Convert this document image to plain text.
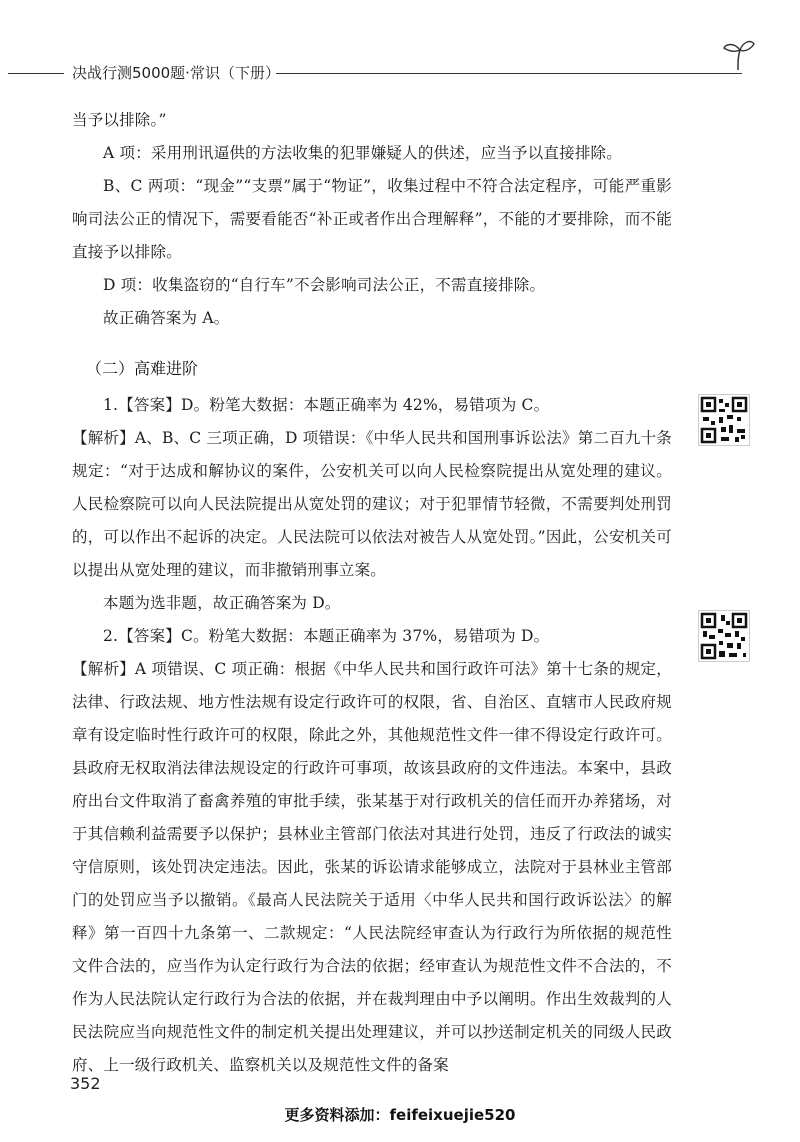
决战行测5000题·常识（下册）

当予以排除。”

A 项：采用刑讯逼供的方法收集的犯罪嫌疑人的供述，应当予以直接排除。

B、C 两项：“现金”“支票”属于“物证”，收集过程中不符合法定程序，可能严重影响司法公正的情况下，需要看能否“补正或者作出合理解释”，不能的才要排除，而不能直接予以排除。

D 项：收集盗窃的“自行车”不会影响司法公正，不需直接排除。

故正确答案为 A。

（二）高难进阶

1.【答案】D。粉笔大数据：本题正确率为 42%，易错项为 C。

【解析】A、B、C 三项正确，D 项错误：《中华人民共和国刑事诉讼法》第二百九十条规定：“对于达成和解协议的案件，公安机关可以向人民检察院提出从宽处理的建议。人民检察院可以向人民法院提出从宽处罚的建议；对于犯罪情节轻微，不需要判处刑罚的，可以作出不起诉的决定。人民法院可以依法对被告人从宽处罚。”因此，公安机关可以提出从宽处理的建议，而非撤销刑事立案。

本题为选非题，故正确答案为 D。

2.【答案】C。粉笔大数据：本题正确率为 37%，易错项为 D。

【解析】A 项错误、C 项正确：根据《中华人民共和国行政许可法》第十七条的规定，法律、行政法规、地方性法规有设定行政许可的权限，省、自治区、直辖市人民政府规章有设定临时性行政许可的权限，除此之外，其他规范性文件一律不得设定行政许可。县政府无权取消法律法规设定的行政许可事项，故该县政府的文件违法。本案中，县政府出台文件取消了畜禽养殖的审批手续，张某基于对行政机关的信任而开办养猪场，对于其信赖利益需要予以保护；县林业主管部门依法对其进行处罚，违反了行政法的诚实守信原则，该处罚决定违法。因此，张某的诉讼请求能够成立，法院对于县林业主管部门的处罚应当予以撤销。《最高人民法院关于适用〈中华人民共和国行政诉讼法〉的解释》第一百四十九条第一、二款规定：“人民法院经审查认为行政行为所依据的规范性文件合法的，应当作为认定行政行为合法的依据；经审查认为规范性文件不合法的，不作为人民法院认定行政行为合法的依据，并在裁判理由中予以阐明。作出生效裁判的人民法院应当向规范性文件的制定机关提出处理建议，并可以抄送制定机关的同级人民政府、上一级行政机关、监察机关以及规范性文件的备案

352
更多资料添加：feifeixuejie520
